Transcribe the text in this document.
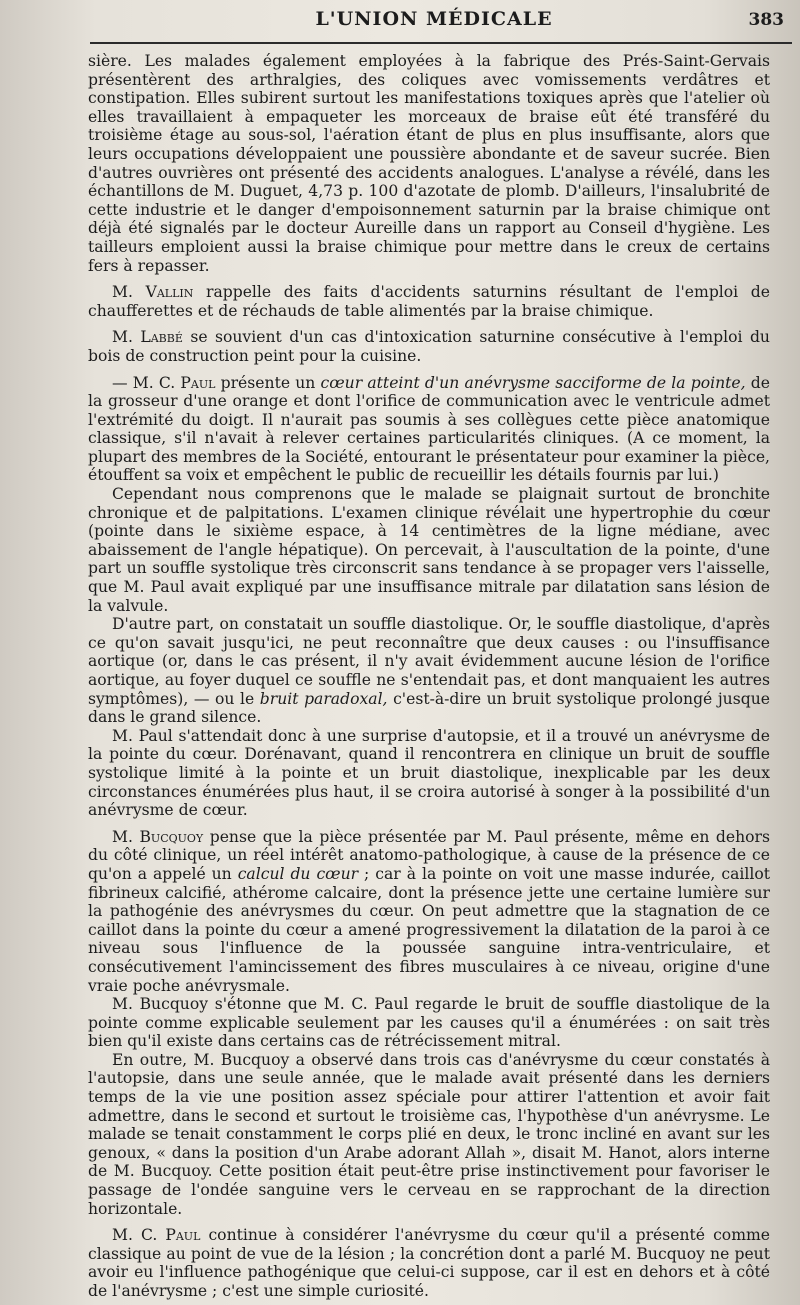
L'UNION MÉDICALE	383

sière. Les malades également employées à la fabrique des Prés-Saint-Gervais présentèrent des arthralgies, des coliques avec vomissements verdâtres et constipation. Elles subirent surtout les manifestations toxiques après que l'atelier où elles travaillaient à empaqueter les morceaux de braise eût été transféré du troisième étage au sous-sol, l'aération étant de plus en plus insuffisante, alors que leurs occupations développaient une poussière abondante et de saveur sucrée. Bien d'autres ouvrières ont présenté des accidents analogues. L'analyse a révélé, dans les échantillons de M. Duguet, 4,73 p. 100 d'azotate de plomb. D'ailleurs, l'insalubrité de cette industrie et le danger d'empoisonnement saturnin par la braise chimique ont déjà été signalés par le docteur Aureille dans un rapport au Conseil d'hygiène. Les tailleurs emploient aussi la braise chimique pour mettre dans le creux de certains fers à repasser.

M. Vallin rappelle des faits d'accidents saturnins résultant de l'emploi de chaufferettes et de réchauds de table alimentés par la braise chimique.

M. Labbé se souvient d'un cas d'intoxication saturnine consécutive à l'emploi du bois de construction peint pour la cuisine.

— M. C. Paul présente un cœur atteint d'un anévrysme sacciforme de la pointe, de la grosseur d'une orange et dont l'orifice de communication avec le ventricule admet l'extrémité du doigt. Il n'aurait pas soumis à ses collègues cette pièce anatomique classique, s'il n'avait à relever certaines particularités cliniques. (A ce moment, la plupart des membres de la Société, entourant le présentateur pour examiner la pièce, étouffent sa voix et empêchent le public de recueillir les détails fournis par lui.)

Cependant nous comprenons que le malade se plaignait surtout de bronchite chronique et de palpitations. L'examen clinique révélait une hypertrophie du cœur (pointe dans le sixième espace, à 14 centimètres de la ligne médiane, avec abaissement de l'angle hépatique). On percevait, à l'auscultation de la pointe, d'une part un souffle systolique très circonscrit sans tendance à se propager vers l'aisselle, que M. Paul avait expliqué par une insuffisance mitrale par dilatation sans lésion de la valvule.

D'autre part, on constatait un souffle diastolique. Or, le souffle diastolique, d'après ce qu'on savait jusqu'ici, ne peut reconnaître que deux causes : ou l'insuffisance aortique (or, dans le cas présent, il n'y avait évidemment aucune lésion de l'orifice aortique, au foyer duquel ce souffle ne s'entendait pas, et dont manquaient les autres symptômes), — ou le bruit paradoxal, c'est-à-dire un bruit systolique prolongé jusque dans le grand silence.

M. Paul s'attendait donc à une surprise d'autopsie, et il a trouvé un anévrysme de la pointe du cœur. Dorénavant, quand il rencontrera en clinique un bruit de souffle systolique limité à la pointe et un bruit diastolique, inexplicable par les deux circonstances énumérées plus haut, il se croira autorisé à songer à la possibilité d'un anévrysme de cœur.

M. Bucquoy pense que la pièce présentée par M. Paul présente, même en dehors du côté clinique, un réel intérêt anatomo-pathologique, à cause de la présence de ce qu'on a appelé un calcul du cœur ; car à la pointe on voit une masse indurée, caillot fibrineux calcifié, athérome calcaire, dont la présence jette une certaine lumière sur la pathogénie des anévrysmes du cœur. On peut admettre que la stagnation de ce caillot dans la pointe du cœur a amené progressivement la dilatation de la paroi à ce niveau sous l'influence de la poussée sanguine intra-ventriculaire, et consécutivement l'amincissement des fibres musculaires à ce niveau, origine d'une vraie poche anévrysmale.

M. Bucquoy s'étonne que M. C. Paul regarde le bruit de souffle diastolique de la pointe comme explicable seulement par les causes qu'il a énumérées : on sait très bien qu'il existe dans certains cas de rétrécissement mitral.

En outre, M. Bucquoy a observé dans trois cas d'anévrysme du cœur constatés à l'autopsie, dans une seule année, que le malade avait présenté dans les derniers temps de la vie une position assez spéciale pour attirer l'attention et avoir fait admettre, dans le second et surtout le troisième cas, l'hypothèse d'un anévrysme. Le malade se tenait constamment le corps plié en deux, le tronc incliné en avant sur les genoux, « dans la position d'un Arabe adorant Allah », disait M. Hanot, alors interne de M. Bucquoy. Cette position était peut-être prise instinctivement pour favoriser le passage de l'ondée sanguine vers le cerveau en se rapprochant de la direction horizontale.

M. C. Paul continue à considérer l'anévrysme du cœur qu'il a présenté comme classique au point de vue de la lésion ; la concrétion dont a parlé M. Bucquoy ne peut avoir eu l'influence pathogénique que celui-ci suppose, car il est en dehors et à côté de l'anévrysme ; c'est une simple curiosité.
